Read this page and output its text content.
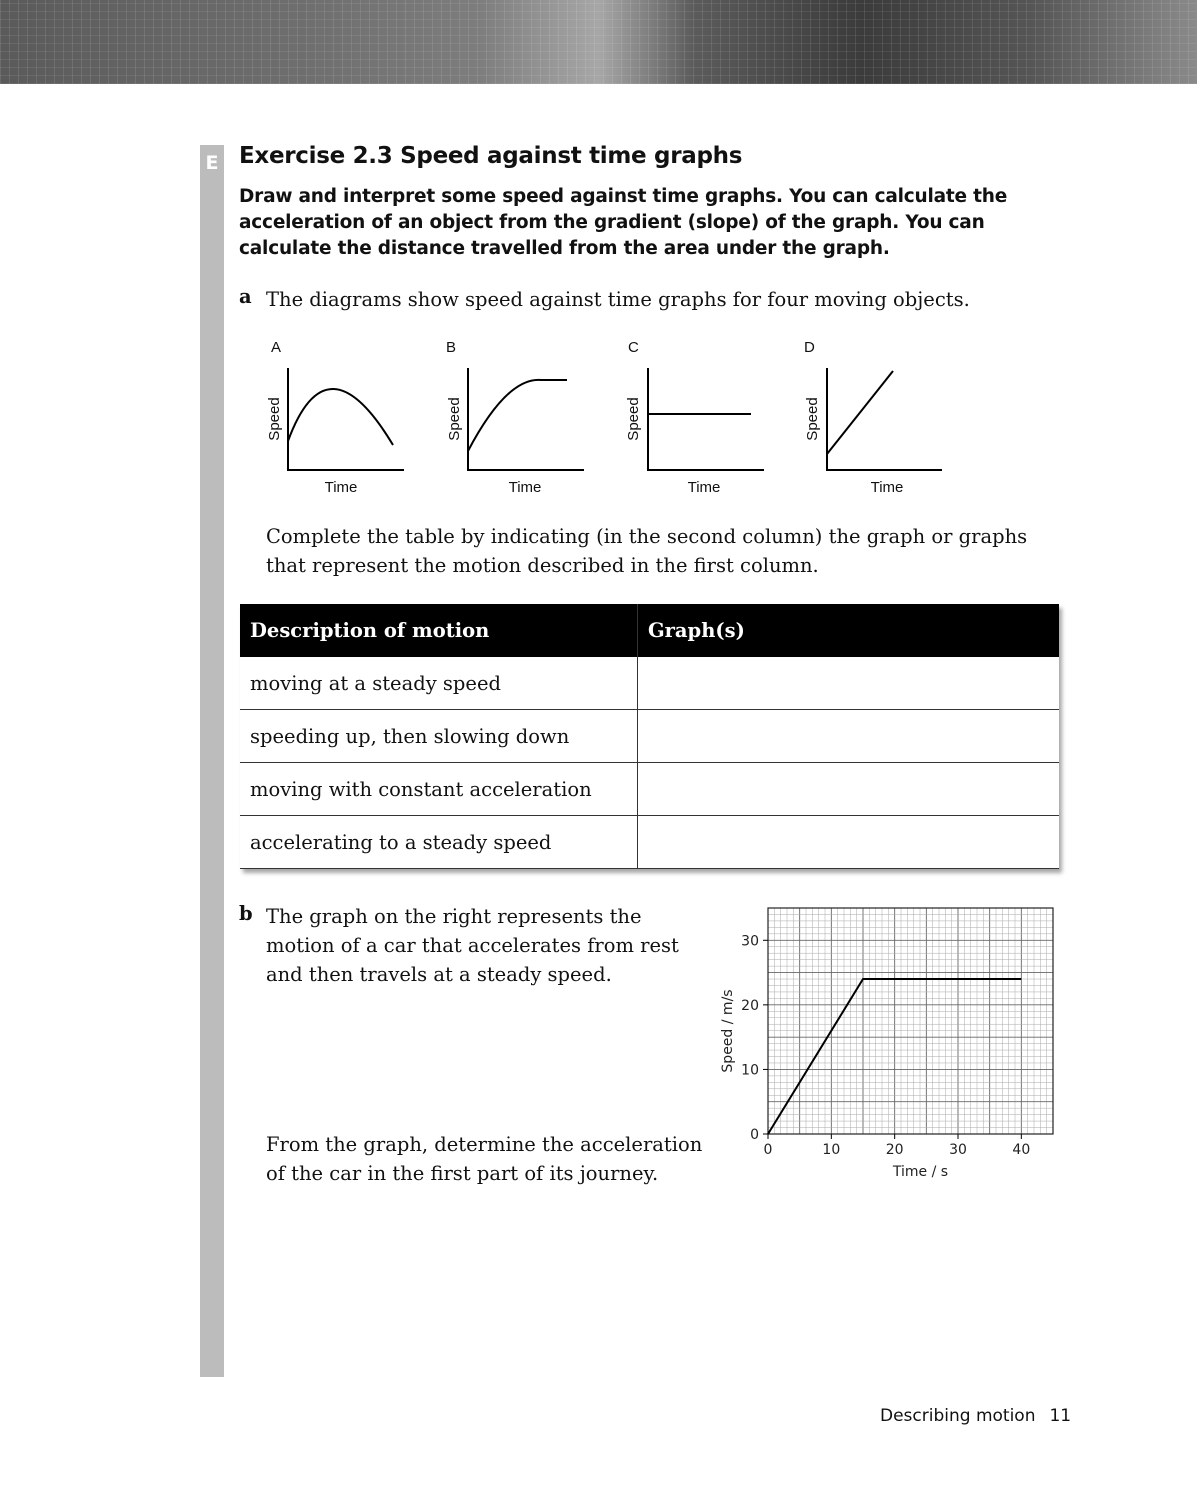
E Exercise 2.3 Speed against time graphs
Draw and interpret some speed against time graphs. You can calculate the acceleration of an object from the gradient (slope) of the graph. You can calculate the distance travelled from the area under the graph.
a The diagrams show speed against time graphs for four moving objects.
A
Speed
Time
B
Speed
Time
C
Speed
Time
D
Speed
Time
Complete the table by indicating (in the second column) the graph or graphs that represent the motion described in the first column.
Description of motion	Graph(s)
moving at a steady speed	
speeding up, then slowing down	
moving with constant acceleration	
accelerating to a steady speed	
b The graph on the right represents the motion of a car that accelerates from rest and then travels at a steady speed.
From the graph, determine the acceleration of the car in the first part of its journey.
0	10	20	30	40
0
10
20
30
Time / s
Speed / m/s
Describing motion 11
